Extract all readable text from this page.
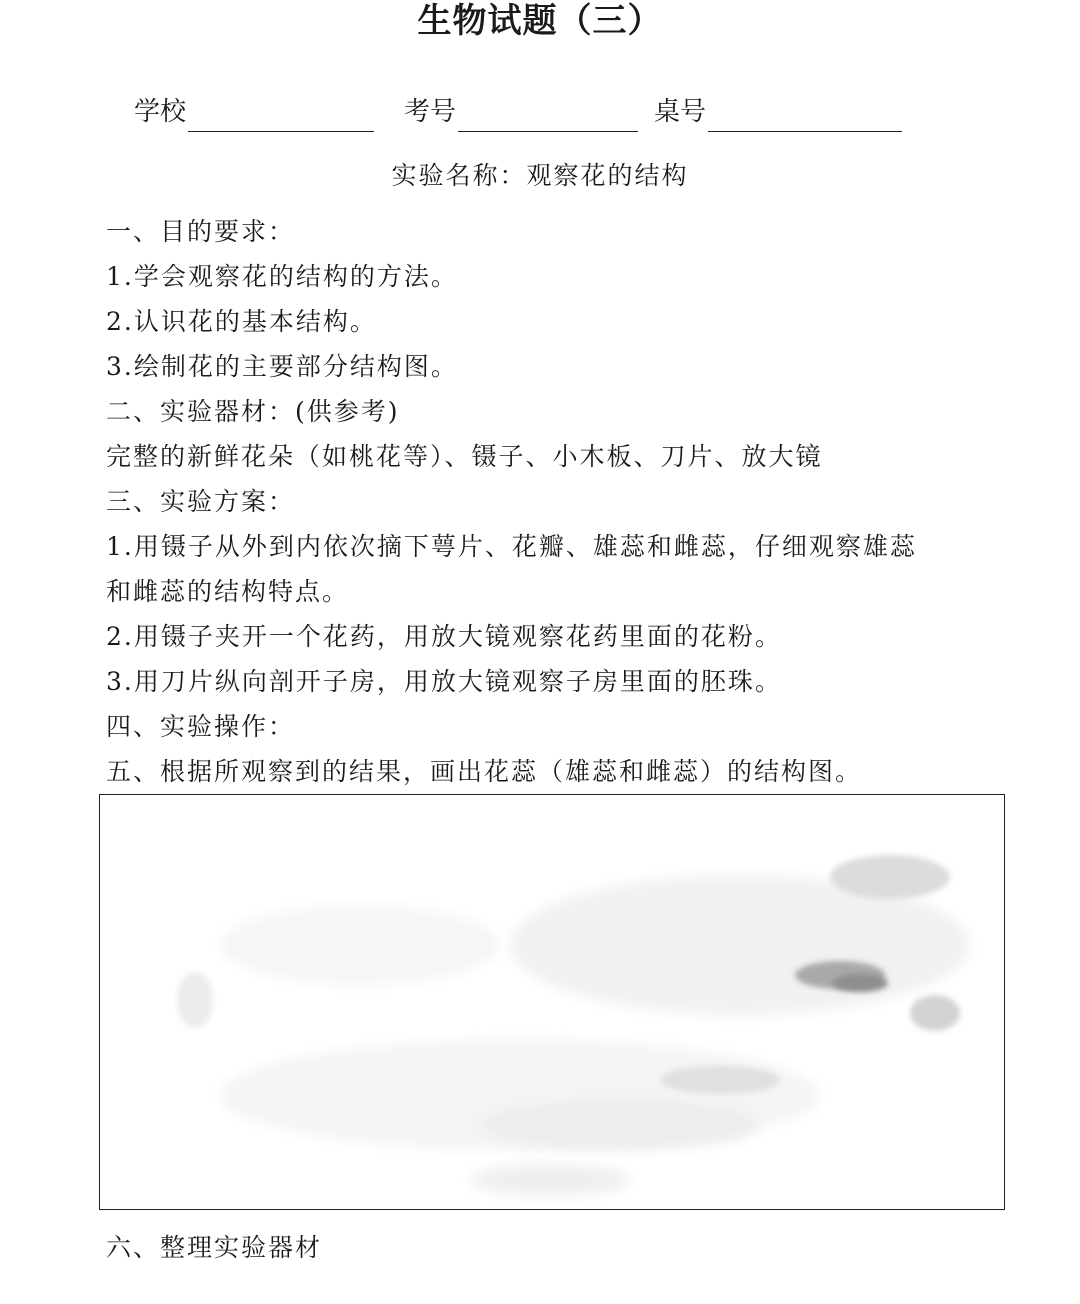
生物试题（三）
学校	考号	桌号
实验名称：观察花的结构
一、目的要求：
1.学会观察花的结构的方法。
2.认识花的基本结构。
3.绘制花的主要部分结构图。
二、实验器材：(供参考)
完整的新鲜花朵（如桃花等）、镊子、小木板、刀片、放大镜
三、实验方案：
1.用镊子从外到内依次摘下萼片、花瓣、雄蕊和雌蕊，仔细观察雄蕊
和雌蕊的结构特点。
2.用镊子夹开一个花药，用放大镜观察花药里面的花粉。
3.用刀片纵向剖开子房，用放大镜观察子房里面的胚珠。
四、实验操作：
五、根据所观察到的结果，画出花蕊（雄蕊和雌蕊）的结构图。
六、整理实验器材
